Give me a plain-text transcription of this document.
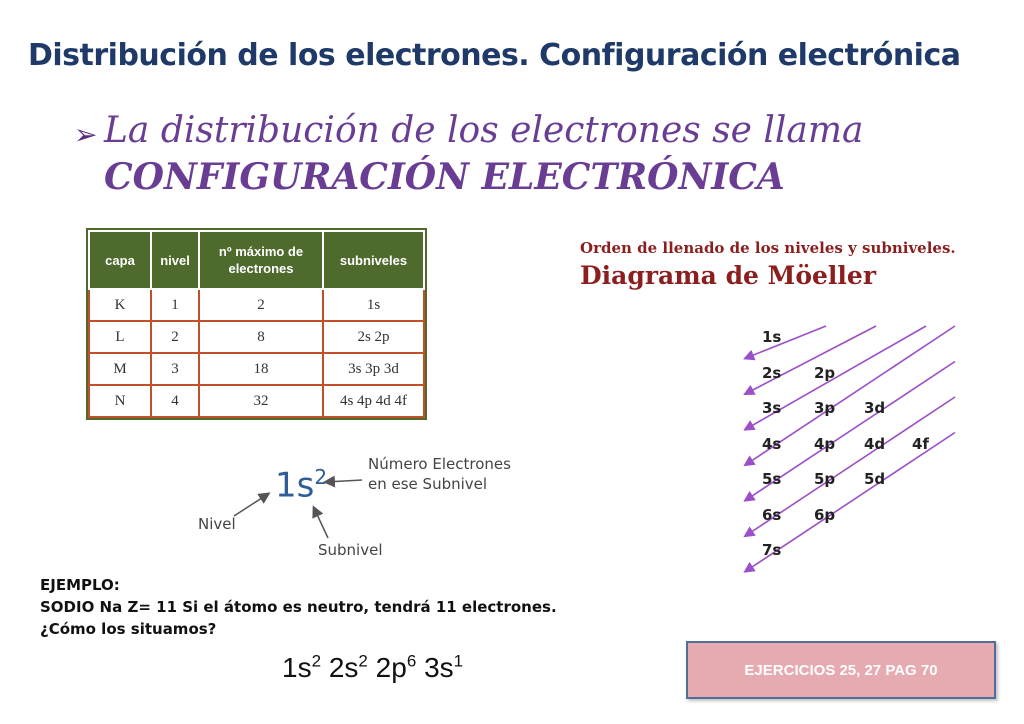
Distribución de los electrones. Configuración electrónica
➢ La distribución de los electrones se llama
CONFIGURACIÓN ELECTRÓNICA
capa	nivel	nº máximo de electrones	subniveles
K	1	2	1s
L	2	8	2s 2p
M	3	18	3s 3p 3d
N	4	32	4s 4p 4d 4f
Orden de llenado de los niveles y subniveles. Diagrama de Möeller
1s
2s 2p
3s 3p 3d
4s 4p 4d 4f
5s 5p 5d
6s 6p
7s
Número Electrones
en ese Subnivel
Nivel
Subnivel
$1s^2$
EJEMPLO:
SODIO Na Z= 11 Si el átomo es neutro, tendrá 11 electrones.
¿Cómo los situamos?
$1s^2$ $2s^2$ $2p^6$ $3s^1$	EJERCICIOS 25, 27 PAG 70
